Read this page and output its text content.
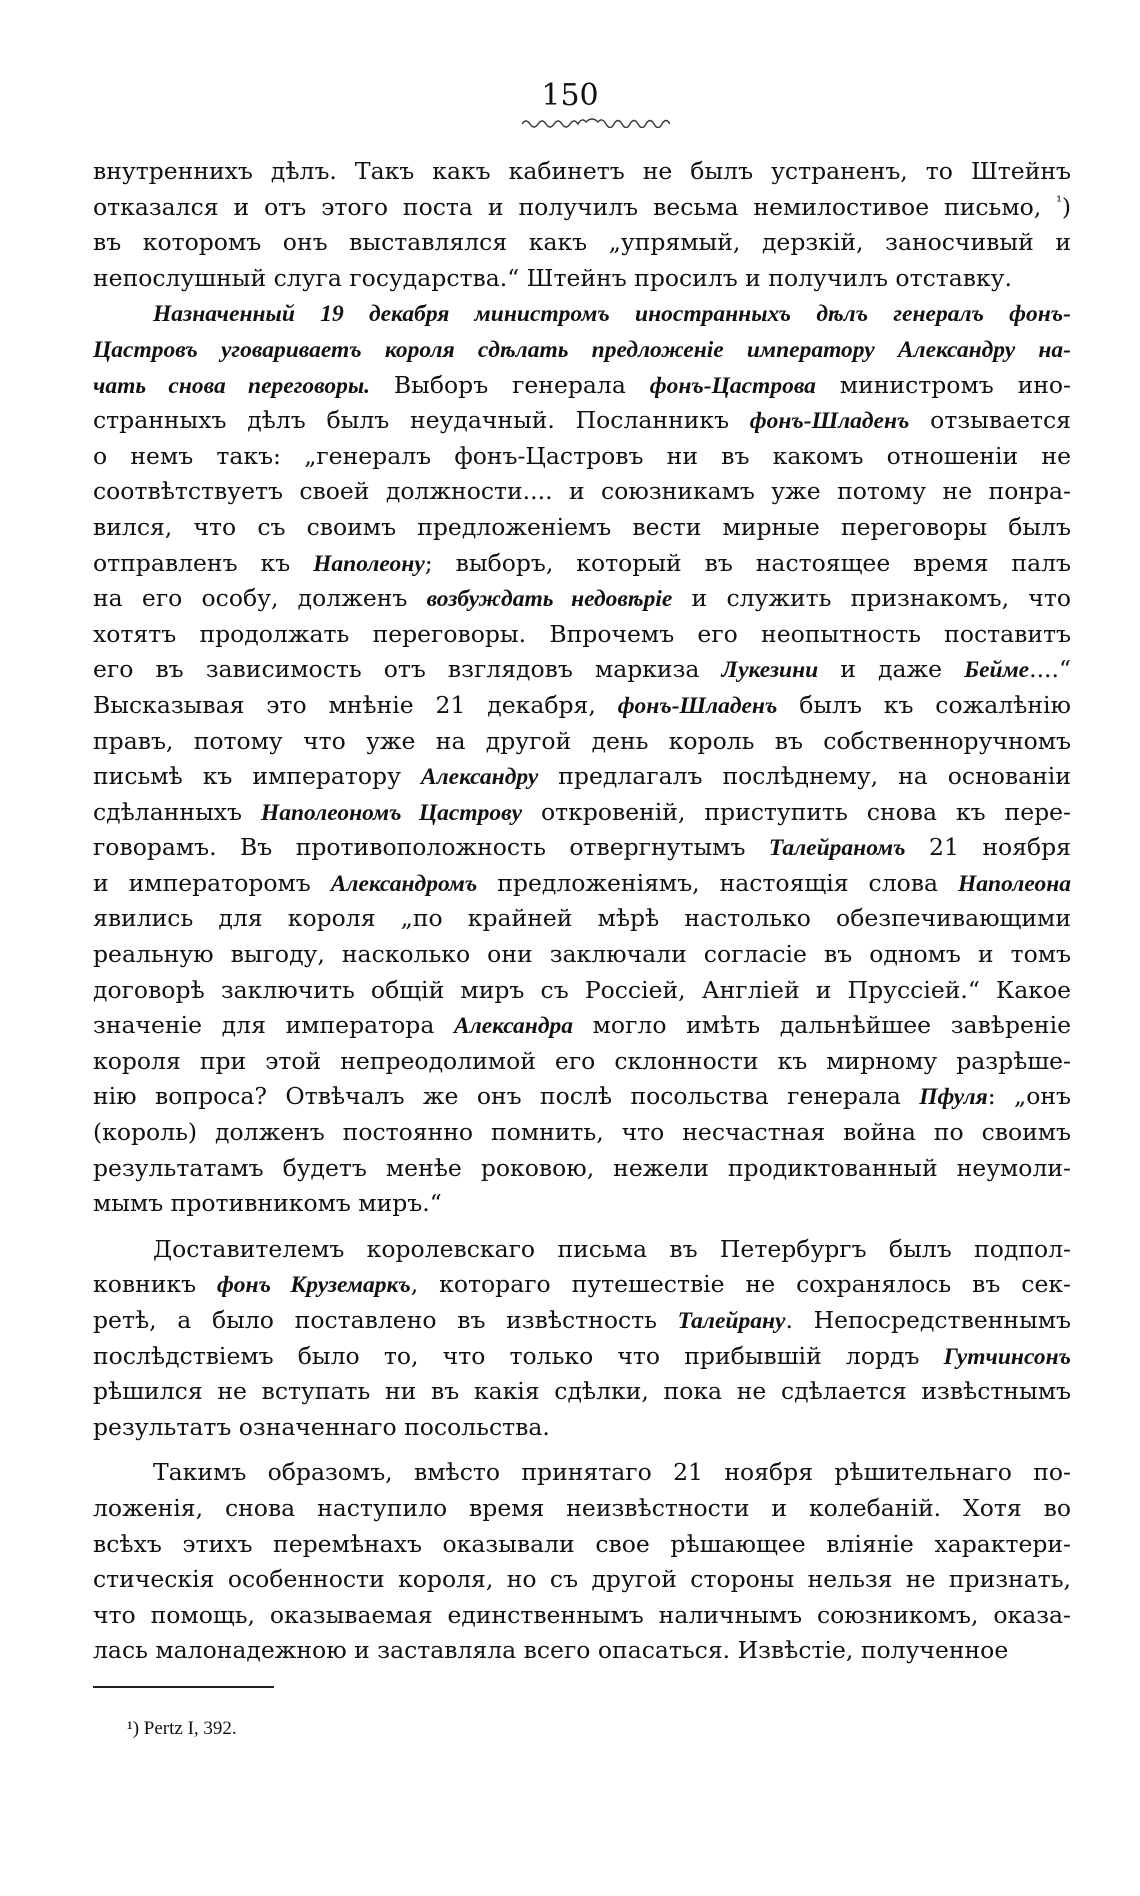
150
внутреннихъ дѣлъ. Такъ какъ кабинетъ не былъ устраненъ, то Штейнъ
отказался и отъ этого поста и получилъ весьма немилостивое письмо, $^{^1}$)
въ которомъ онъ выставлялся какъ „упрямый, дерзкій, заносчивый и
непослушный слуга государства.“ Штейнъ просилъ и получилъ отставку.
Назначенный 19 декабря министромъ иностранныхъ дѣлъ генералъ фонъ-
Цастровъ уговариваетъ короля сдѣлать предложеніе императору Александру на-
чать снова переговоры. Выборъ генерала фонъ-Цастрова министромъ ино-
странныхъ дѣлъ былъ неудачный. Посланникъ фонъ-Шладенъ отзывается
о немъ такъ: „генералъ фонъ-Цастровъ ни въ какомъ отношеніи не
соотвѣтствуетъ своей должности.... и союзникамъ уже потому не понра-
вился, что съ своимъ предложеніемъ вести мирные переговоры былъ
отправленъ къ Наполеону; выборъ, который въ настоящее время палъ
на его особу, долженъ возбуждать недовѣріе и служить признакомъ, что
хотятъ продолжать переговоры. Впрочемъ его неопытность поставитъ
его въ зависимость отъ взглядовъ маркиза Лукезини и даже Бейме....“
Высказывая это мнѣніе 21 декабря, фонъ-Шладенъ былъ къ сожалѣнію
правъ, потому что уже на другой день король въ собственноручномъ
письмѣ къ императору Александру предлагалъ послѣднему, на основаніи
сдѣланныхъ Наполеономъ Цастрову откровеній, приступить снова къ пере-
говорамъ. Въ противоположность отвергнутымъ Талейраномъ 21 ноября
и императоромъ Александромъ предложеніямъ, настоящія слова Наполеона
явились для короля „по крайней мѣрѣ настолько обезпечивающими
реальную выгоду, насколько они заключали согласіе въ одномъ и томъ
договорѣ заключить общій миръ съ Россіей, Англіей и Пруссіей.“ Какое
значеніе для императора Александра могло имѣть дальнѣйшее завѣреніе
короля при этой непреодолимой его склонности къ мирному разрѣше-
нію вопроса? Отвѣчалъ же онъ послѣ посольства генерала Пфуля: „онъ
(король) долженъ постоянно помнить, что несчастная война по своимъ
результатамъ будетъ менѣе роковою, нежели продиктованный неумоли-
мымъ противникомъ миръ.“
Доставителемъ королевскаго письма въ Петербургъ былъ подпол-
ковникъ фонъ Круземаркъ, котораго путешествіе не сохранялось въ сек-
ретѣ, а было поставлено въ извѣстность Талейрану. Непосредственнымъ
послѣдствіемъ было то, что только что прибывшій лордъ Гутчинсонъ
рѣшился не вступать ни въ какія сдѣлки, пока не сдѣлается извѣстнымъ
результатъ означеннаго посольства.
Такимъ образомъ, вмѣсто принятаго 21 ноября рѣшительнаго по-
ложенія, снова наступило время неизвѣстности и колебаній. Хотя во
всѣхъ этихъ перемѣнахъ оказывали свое рѣшающее вліяніе характери-
стическія особенности короля, но съ другой стороны нельзя не признать,
что помощь, оказываемая единственнымъ наличнымъ союзникомъ, оказа-
лась малонадежною и заставляла всего опасаться. Извѣстіе, полученное
¹) Pertz I, 392.
